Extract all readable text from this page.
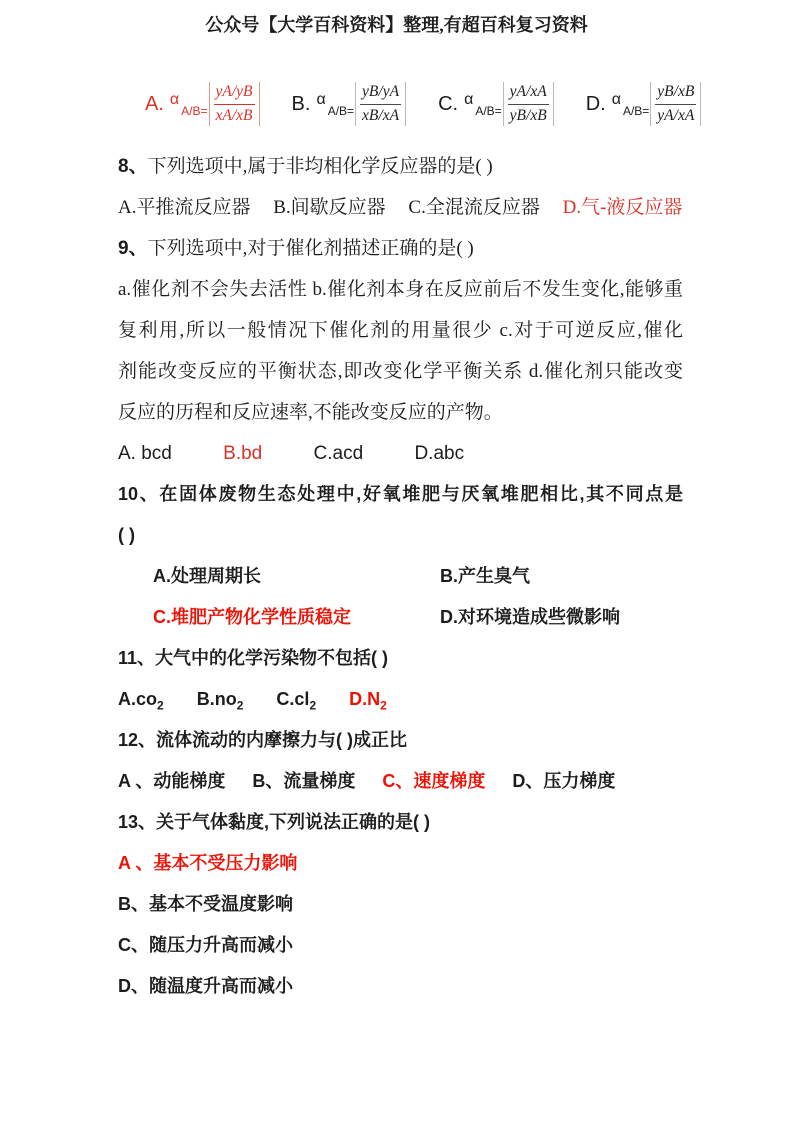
公众号【大学百科资料】整理,有超百科复习资料
A. α
$A/B= \frac{yA/yB}{xA/xB} B$. α
$A/B= \frac{yB/yA}{xB/xA} C$. α
$A/B= \frac{yA/xA}{yB/xB} D$. α
$A/B= \frac{yB/xB}{yA/xA}$
8、下列选项中,属于非均相化学反应器的是( )
A.平推流反应器 B.间歇反应器 C.全混流反应器 D.气-液反应器
9、下列选项中,对于催化剂描述正确的是( )
a.催化剂不会失去活性 b.催化剂本身在反应前后不发生变化,能够重
复利用,所以一般情况下催化剂的用量很少 c.对于可逆反应,催化
剂能改变反应的平衡状态,即改变化学平衡关系 d.催化剂只能改变
反应的历程和反应速率,不能改变反应的产物。
A. bcd	B.bd	C.acd	D.abc
10、在固体废物生态处理中,好氧堆肥与厌氧堆肥相比,其不同点是
( )
A.处理周期长	B.产生臭气
C.堆肥产物化学性质稳定	D.对环境造成些微影响
11、大气中的化学污染物不包括( )
$A.co_2$ $B.no_2$ $C.cl_2$ $D.N_2$
12、流体流动的内摩擦力与( )成正比
A 、动能梯度 B、流量梯度 C、速度梯度 D、压力梯度
13、关于气体黏度,下列说法正确的是( )
A 、基本不受压力影响
B、基本不受温度影响
C、随压力升高而减小
D、随温度升高而减小
